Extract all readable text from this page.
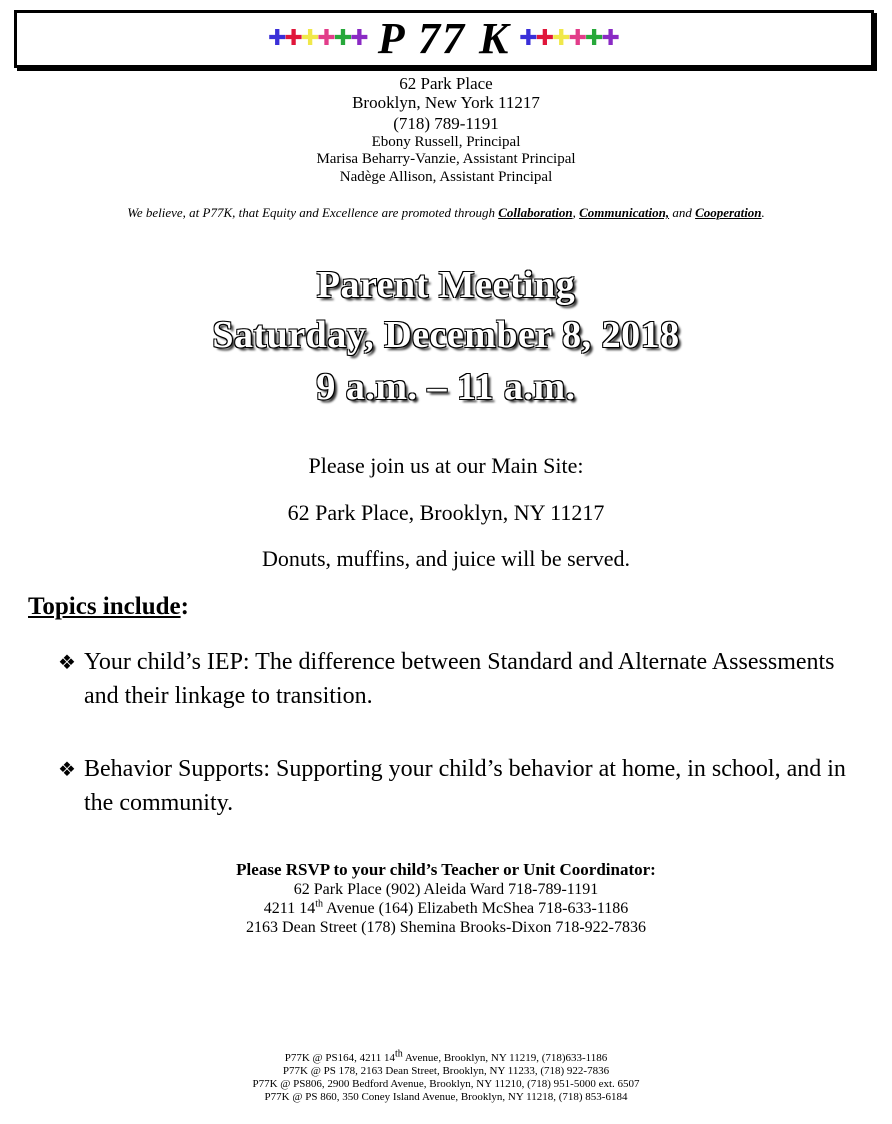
✚
✚
✚
✚
✚
✚ P 77 K ✚
✚
✚
✚
✚
✚
62 Park Place
Brooklyn, New York 11217
(718) 789-1191
Ebony Russell, Principal
Marisa Beharry-Vanzie, Assistant Principal
Nadège Allison, Assistant Principal
We believe, at P77K, that Equity and Excellence are promoted through Collaboration, Communication, and Cooperation.
Parent Meeting
Saturday, December 8, 2018
9 a.m. – 11 a.m.
Please join us at our Main Site:
62 Park Place, Brooklyn, NY 11217
Donuts, muffins, and juice will be served.
Topics include:
❖ Your child’s IEP: The difference between Standard and Alternate Assessments and their linkage to transition.
❖ Behavior Supports: Supporting your child’s behavior at home, in school, and in the community.
Please RSVP to your child’s Teacher or Unit Coordinator:
62 Park Place (902) Aleida Ward 718-789-1191
4211 14th Avenue (164) Elizabeth McShea 718-633-1186
2163 Dean Street (178) Shemina Brooks-Dixon 718-922-7836
P77K @ PS164, 4211 14th Avenue, Brooklyn, NY 11219, (718)633-1186
P77K @ PS 178, 2163 Dean Street, Brooklyn, NY 11233, (718) 922-7836
P77K @ PS806, 2900 Bedford Avenue, Brooklyn, NY 11210, (718) 951-5000 ext. 6507
P77K @ PS 860, 350 Coney Island Avenue, Brooklyn, NY 11218, (718) 853-6184
